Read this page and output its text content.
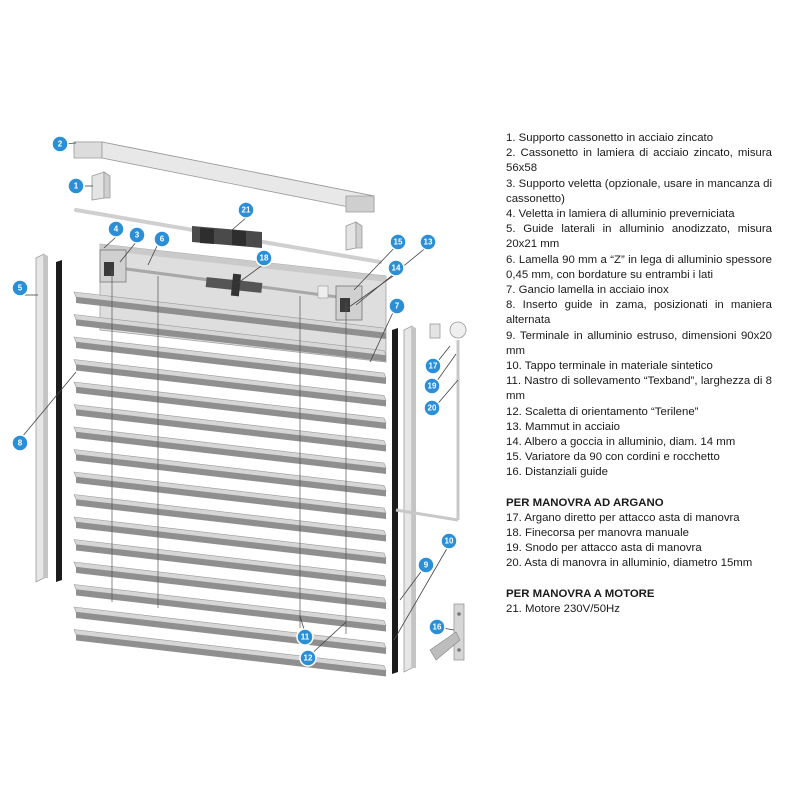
1
2
3
4
5
6
7
8
9
10
11
12
13
14
15
16
17
18
19
20
21
1. Supporto cassonetto in acciaio zincato
2. Cassonetto in lamiera di acciaio zincato, misura 56x58
3. Supporto veletta (opzionale, usare in mancanza di cassonetto)
4. Veletta in lamiera di alluminio preverniciata
5. Guide laterali in alluminio anodizzato, misura 20x21 mm
6. Lamella 90 mm a “Z” in lega di alluminio spessore 0,45 mm, con bordature su entrambi i lati
7. Gancio lamella in acciaio inox
8. Inserto guide in zama, posizionati in maniera alternata
9. Terminale in alluminio estruso, dimensioni 90x20 mm
10. Tappo terminale in materiale sintetico
11. Nastro di sollevamento “Texband”, larghezza di 8 mm
12. Scaletta di orientamento “Terilene”
13. Mammut in acciaio
14. Albero a goccia in alluminio, diam. 14 mm
15. Variatore da 90 con cordini e rocchetto
16. Distanziali guide
PER MANOVRA AD ARGANO
17. Argano diretto per attacco asta di manovra
18. Finecorsa per manovra manuale
19. Snodo per attacco asta di manovra
20. Asta di manovra in alluminio, diametro 15mm
PER MANOVRA A MOTORE
21. Motore 230V/50Hz
